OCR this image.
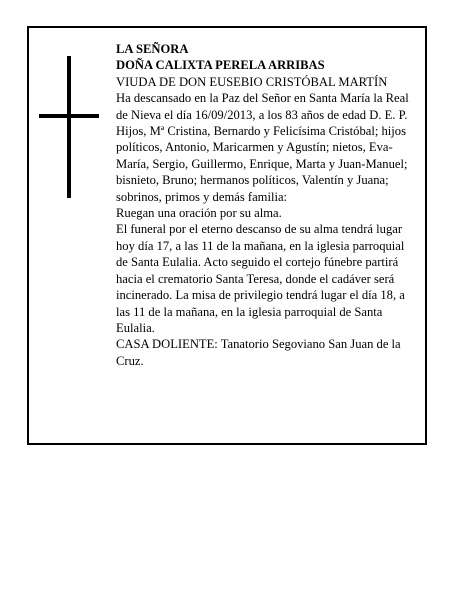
LA SEÑORA

DOÑA CALIXTA PERELA ARRIBAS

VIUDA DE DON EUSEBIO CRISTÓBAL MARTÍN

Ha descansado en la Paz del Señor en Santa María la Real de Nieva el día 16/09/2013, a los 83 años de edad D. E. P.

Hijos, Mª Cristina, Bernardo y Felicísima Cristóbal; hijos políticos, Antonio, Maricarmen y Agustín; nietos, Eva-María, Sergio, Guillermo, Enrique, Marta y Juan-Manuel; bisnieto, Bruno; hermanos políticos, Valentín y Juana; sobrinos, primos y demás familia:

Ruegan una oración por su alma.

El funeral por el eterno descanso de su alma tendrá lugar hoy día 17, a las 11 de la mañana, en la iglesia parroquial de Santa Eulalia. Acto seguido el cortejo fúnebre partirá hacia el crematorio Santa Teresa, donde el cadáver será incinerado. La misa de privilegio tendrá lugar el día 18, a las 11 de la mañana, en la iglesia parroquial de Santa Eulalia.

CASA DOLIENTE: Tanatorio Segoviano San Juan de la Cruz.
